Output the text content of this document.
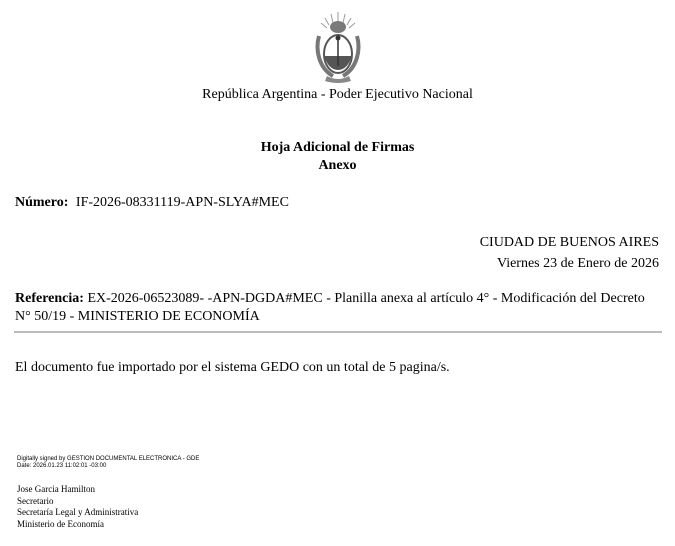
República Argentina - Poder Ejecutivo Nacional
Hoja Adicional de Firmas
Anexo
Número: IF-2026-08331119-APN-SLYA#MEC
CIUDAD DE BUENOS AIRES
Viernes 23 de Enero de 2026
Referencia: EX-2026-06523089- -APN-DGDA#MEC - Planilla anexa al artículo 4° - Modificación del Decreto N° 50/19 - MINISTERIO DE ECONOMÍA
El documento fue importado por el sistema GEDO con un total de 5 pagina/s.
Digitally signed by GESTION DOCUMENTAL ELECTRONICA - GDE
Date: 2026.01.23 11:02:01 -03:00
Jose Garcia Hamilton
Secretario
Secretaría Legal y Administrativa
Ministerio de Economía
